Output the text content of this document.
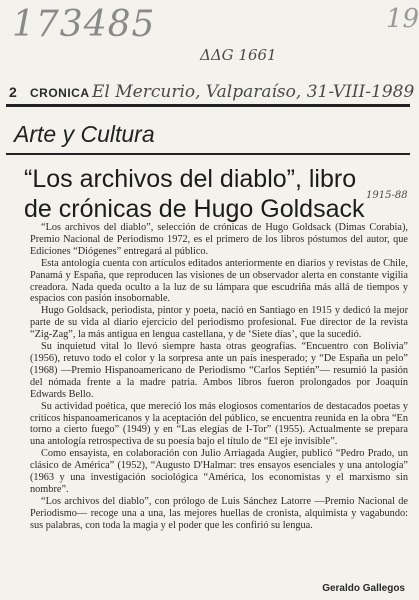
173485	19
ΔΔG 1661
El Mercurio, Valparaíso, 31-VIII-1989
1915-88
2 CRONICA
Arte y Cultura
“Los archivos del diablo”, libro de crónicas de Hugo Goldsack

“Los archivos del diablo”, selección de crónicas de Hugo Goldsack (Dimas Corabia), Premio Nacional de Periodismo 1972, es el primero de los libros póstumos del autor, que Ediciones “Diógenes” entregará al público.

Esta antología cuenta con artículos editados anteriormente en diarios y revistas de Chile, Panamá y España, que reproducen las visiones de un observador alerta en constante vigilia creadora. Nada queda oculto a la luz de su lámpara que escudriña más allá de tiempos y espacios con pasión insobornable.

Hugo Goldsack, periodista, pintor y poeta, nació en Santiago en 1915 y dedicó la mejor parte de su vida al diario ejercicio del periodismo profesional. Fue director de la revista “Zig-Zag”, la más antigua en lengua castellana, y de ‘Siete días’, que la sucedió.

Su inquietud vital lo llevó siempre hasta otras geografías. “Encuentro con Bolivia” (1956), retuvo todo el color y la sorpresa ante un país inesperado; y “De España un pelo” (1968) —Premio Hispanoamericano de Periodismo “Carlos Septién”— resumió la pasión del nómada frente a la madre patria. Ambos libros fueron prolongados por Joaquín Edwards Bello.

Su actividad poética, que mereció los más elogiosos comentarios de destacados poetas y críticos hispanoamericanos y la aceptación del público, se encuentra reunida en la obra “En torno a cierto fuego” (1949) y en “Las elegías de I-Tor” (1955). Actualmente se prepara una antología retrospectiva de su poesía bajo el título de “El eje invisible”.

Como ensayista, en colaboración con Julio Arriagada Augier, publicó “Pedro Prado, un clásico de América” (1952), “Augusto D'Halmar: tres ensayos esenciales y una antología” (1963 y una investigación sociológica “América, los economistas y el marxismo sin nombre”.

“Los archivos del diablo”, con prólogo de Luis Sánchez Latorre —Premio Nacional de Periodismo— recoge una a una, las mejores huellas de cronista, alquimista y vagabundo: sus palabras, con toda la magia y el poder que les confirió su lengua.

Geraldo Gallegos
